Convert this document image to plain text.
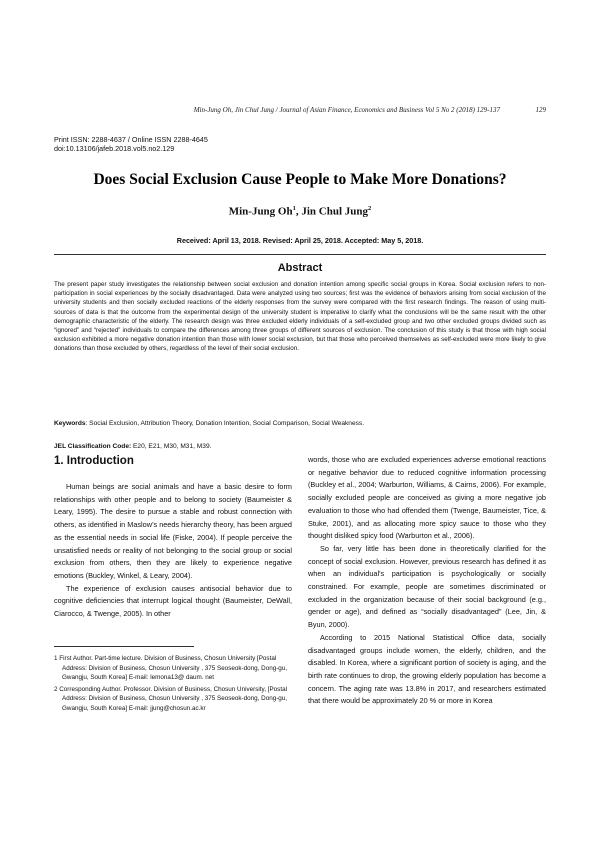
Min-Jung Oh, Jin Chul Jung / Journal of Asian Finance, Economics and Business Vol 5 No 2 (2018) 129-137	129
Print ISSN: 2288-4637 / Online ISSN 2288-4645
doi:10.13106/jafeb.2018.vol5.no2.129
Does Social Exclusion Cause People to Make More Donations?
Min-Jung Oh$^1$, Jin Chul Jung$^2$
Received: April 13, 2018. Revised: April 25, 2018. Accepted: May 5, 2018.
Abstract
The present paper study investigates the relationship between social exclusion and donation intention among specific social groups in Korea. Social exclusion refers to non-participation in social experiences by the socially disadvantaged. Data were analyzed using two sources; first was the evidence of behaviors arising from social exclusion of the university students and then socially excluded reactions of the elderly responses from the survey were compared with the first research findings. The reason of using multi-sources of data is that the outcome from the experimental design of the university student is imperative to clarify what the conclusions will be the same result with the other demographic characteristic of the elderly. The research design was three excluded elderly individuals of a self-excluded group and two other excluded groups divided such as “ignored” and “rejected” individuals to compare the differences among three groups of different sources of exclusion. The conclusion of this study is that those with high social exclusion exhibited a more negative donation intention than those with lower social exclusion, but that those who perceived themselves as self-excluded were more likely to give donations than those excluded by others, regardless of the level of their social exclusion.
Keywords: Social Exclusion, Attribution Theory, Donation Intention, Social Comparison, Social Weakness.
JEL Classification Code: E20, E21, M30, M31, M39.
1. Introduction

Human beings are social animals and have a basic desire to form relationships with other people and to belong to society (Baumeister & Leary, 1995). The desire to pursue a stable and robust connection with others, as identified in Maslow’s needs hierarchy theory, has been argued as the essential needs in social life (Fiske, 2004). If people perceive the unsatisfied needs or reality of not belonging to the social group or social exclusion from others, then they are likely to experience negative emotions (Buckley, Winkel, & Leary, 2004).

The experience of exclusion causes antisocial behavior due to cognitive deficiencies that interrupt logical thought (Baumeister, DeWall, Ciarocco, & Twenge, 2005). In other

words, those who are excluded experiences adverse emotional reactions or negative behavior due to reduced cognitive information processing (Buckley et al., 2004; Warburton, Williams, & Cairns, 2006). For example, socially excluded people are conceived as giving a more negative job evaluation to those who had offended them (Twenge, Baumeister, Tice, & Stuke, 2001), and as allocating more spicy sauce to those who they thought disliked spicy food (Warburton et al., 2006).

So far, very little has been done in theoretically clarified for the concept of social exclusion. However, previous research has defined it as when an individual’s participation is psychologically or socially constrained. For example, people are sometimes discriminated or excluded in the organization because of their social background (e.g., gender or age), and defined as “socially disadvantaged” (Lee, Jin, & Byun, 2000).

According to 2015 National Statistical Office data, socially disadvantaged groups include women, the elderly, children, and the disabled. In Korea, where a significant portion of society is aging, and the birth rate continues to drop, the growing elderly population has become a concern. The aging rate was 13.8% in 2017, and researchers estimated that there would be approximately 20 % or more in Korea

1 First Author. Part-time lecture. Division of Business, Chosun University [Postal Address: Division of Business, Chosun University , 375 Seoseok-dong, Dong-gu, Gwangju, South Korea] E-mail: lemona13@ daum. net
2 Corresponding Author. Professor. Division of Business, Chosun University, [Postal Address: Division of Business, Chosun University , 375 Seoseok-dong, Dong-gu, Gwangju, South Korea] E-mail: jjung@chosun.ac.kr
